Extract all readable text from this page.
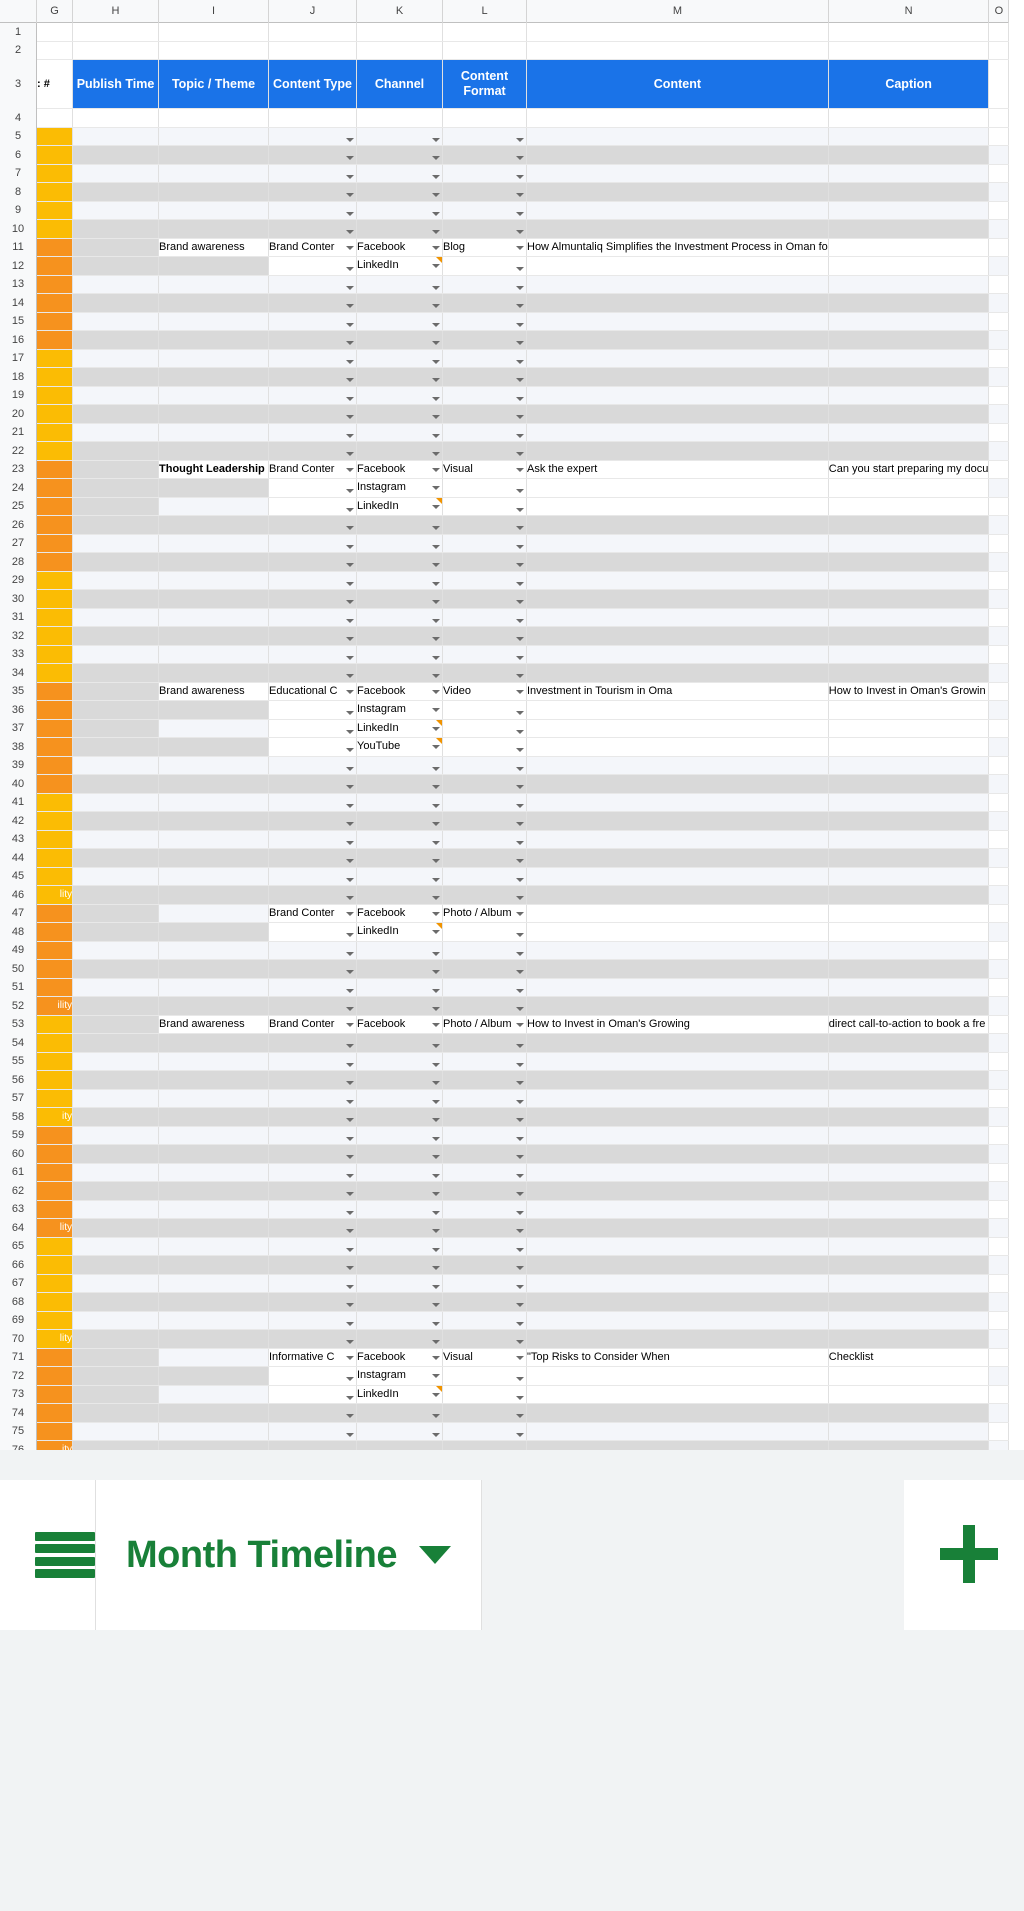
	G	H	I	J	K	L	M	N	O
1									
2									
3	: #	Publish Time	Topic / Theme	Content Type	Channel	Content Format	Content	Caption	
4									
5				

6				

7				

8				

9				

10				

11			Brand awareness	Brand Conter	Facebook	Blog	How Almuntaliq Simplifies the Investment Process in Oman fo		
12					LinkedIn

13				

14				

15				

16				

17				

18				

19				

20				

21				

22				

23			Thought Leadership	Brand Conter	Facebook	Visual	Ask the expert	Can you start preparing my docu	
24					Instagram

25					LinkedIn

26				

27				

28				

29				

30				

31				

32				

33				

34				

35			Brand awareness	Educational C	Facebook	Video	Investment in Tourism in Oma	How to Invest in Oman's Growin	
36					Instagram

37					LinkedIn

38					YouTube

39				

40				

41				

42				

43				

44				

45				

46	lity			

47				Brand Conter	Facebook	Photo / Album

48					LinkedIn

49				

50				

51				

52	ility			

53			Brand awareness	Brand Conter	Facebook	Photo / Album	How to Invest in Oman's Growing	direct call-to-action to book a fre	
54				

55				

56				

57				

58	ity			

59				

60				

61				

62				

63				

64	lity			

65				

66				

67				

68				

69				

70	lity			

71				Informative C	Facebook	Visual	"Top Risks to Consider When	Checklist	
72					Instagram

73					LinkedIn

74				

75				

Month Timeline
